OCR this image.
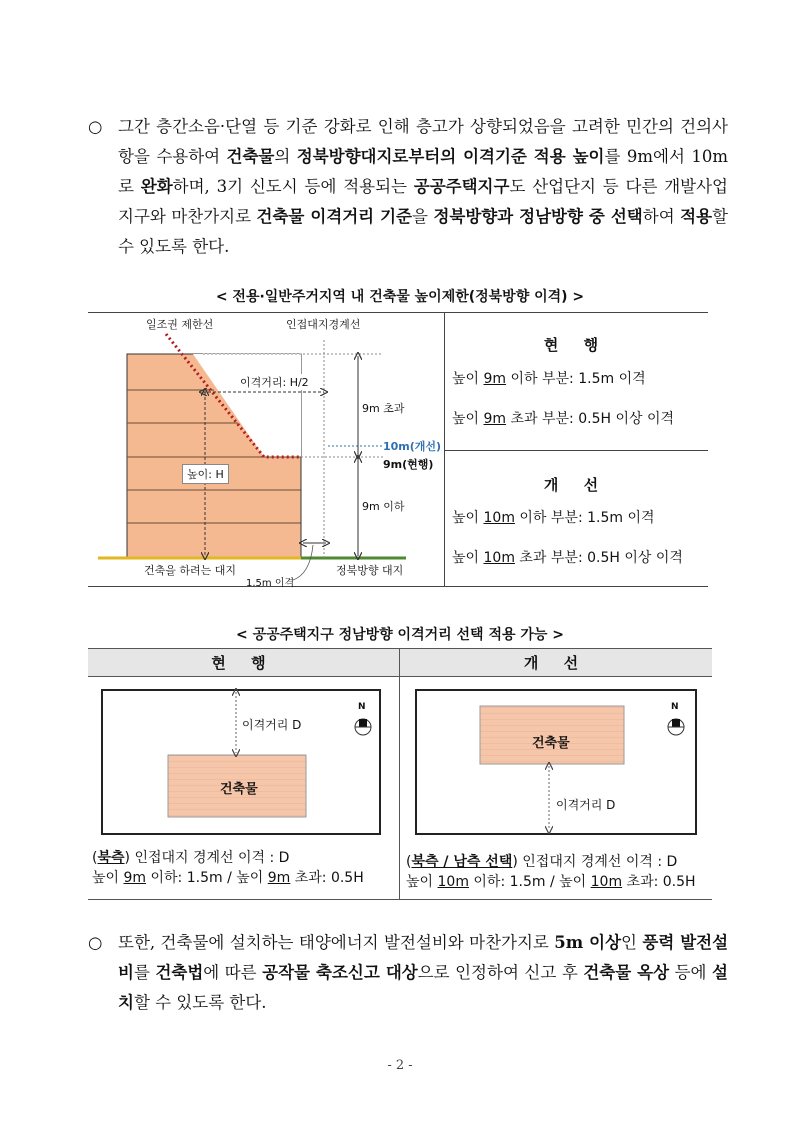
○ 그간 층간소음·단열 등 기준 강화로 인해 층고가 상향되었음을 고려한 민간의 건의사항을 수용하여 건축물의 정북방향대지로부터의 이격기준 적용 높이를 9m에서 10m로 완화하며, 3기 신도시 등에 적용되는 공공주택지구도 산업단지 등 다른 개발사업지구와 마찬가지로 건축물 이격거리 기준을 정북방향과 정남방향 중 선택하여 적용할 수 있도록 한다.
< 전용·일반주거지역 내 건축물 높이제한(정북방향 이격) >
일조권 제한선	인접대지경계선
이격거리: H/2
9m 초과
10m(개선)
9m(현행)
높이: H
9m 이하
건축을 하려는 대지	정북방향 대지
1.5m 이격
현 행
높이 9m 이하 부분: 1.5m 이격
높이 9m 초과 부분: 0.5H 이상 이격
개 선
높이 10m 이하 부분: 1.5m 이격
높이 10m 초과 부분: 0.5H 이상 이격
< 공공주택지구 정남방향 이격거리 선택 적용 가능 >
현 행	개 선
이격거리 D
건축물
N
(북측) 인접대지 경계선 이격 : D
높이 9m 이하: 1.5m / 높이 9m 초과: 0.5H
건축물
이격거리 D
N
(북측 / 남측 선택) 인접대지 경계선 이격 : D
높이 10m 이하: 1.5m / 높이 10m 초과: 0.5H
○ 또한, 건축물에 설치하는 태양에너지 발전설비와 마찬가지로 5m 이상인 풍력 발전설비를 건축법에 따른 공작물 축조신고 대상으로 인정하여 신고 후 건축물 옥상 등에 설치할 수 있도록 한다.
- 2 -
